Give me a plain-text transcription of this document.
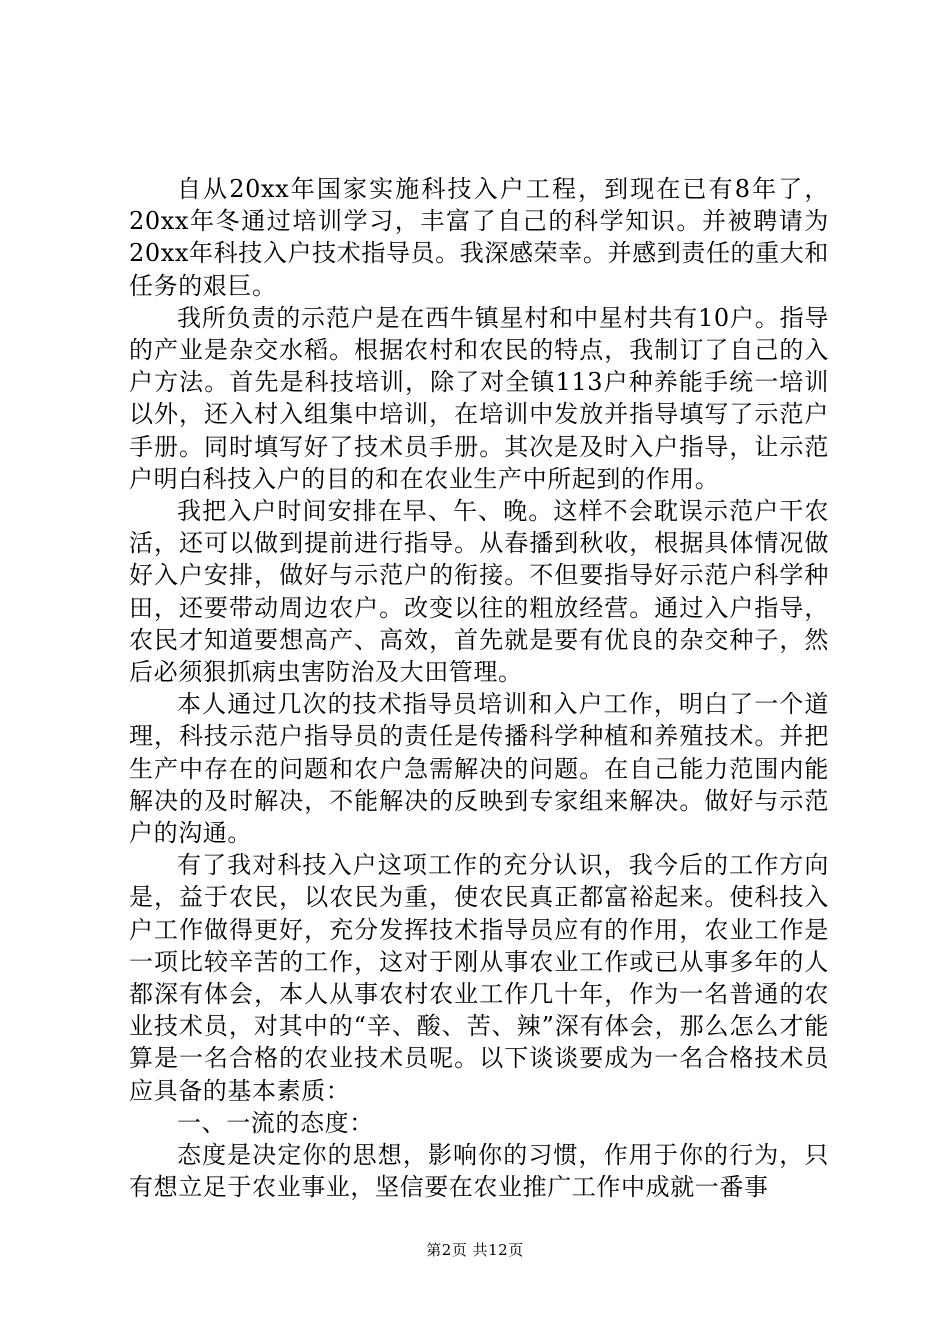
自从20xx年国家实施科技入户工程，到现在已有8年了，20xx年冬通过培训学习，丰富了自己的科学知识。并被聘请为20xx年科技入户技术指导员。我深感荣幸。并感到责任的重大和任务的艰巨。

我所负责的示范户是在西牛镇星村和中星村共有10户。指导的产业是杂交水稻。根据农村和农民的特点，我制订了自己的入户方法。首先是科技培训，除了对全镇113户种养能手统一培训以外，还入村入组集中培训，在培训中发放并指导填写了示范户手册。同时填写好了技术员手册。其次是及时入户指导，让示范户明白科技入户的目的和在农业生产中所起到的作用。

我把入户时间安排在早、午、晚。这样不会耽误示范户干农活，还可以做到提前进行指导。从春播到秋收，根据具体情况做好入户安排，做好与示范户的衔接。不但要指导好示范户科学种田，还要带动周边农户。改变以往的粗放经营。通过入户指导，农民才知道要想高产、高效，首先就是要有优良的杂交种子，然后必须狠抓病虫害防治及大田管理。

本人通过几次的技术指导员培训和入户工作，明白了一个道理，科技示范户指导员的责任是传播科学种植和养殖技术。并把生产中存在的问题和农户急需解决的问题。在自己能力范围内能解决的及时解决，不能解决的反映到专家组来解决。做好与示范户的沟通。

有了我对科技入户这项工作的充分认识，我今后的工作方向是，益于农民，以农民为重，使农民真正都富裕起来。使科技入户工作做得更好，充分发挥技术指导员应有的作用，农业工作是一项比较辛苦的工作，这对于刚从事农业工作或已从事多年的人都深有体会，本人从事农村农业工作几十年，作为一名普通的农业技术员，对其中的“辛、酸、苦、辣”深有体会，那么怎么才能算是一名合格的农业技术员呢。以下谈谈要成为一名合格技术员应具备的基本素质：

一、一流的态度：

态度是决定你的思想，影响你的习惯，作用于你的行为，只有想立足于农业事业，坚信要在农业推广工作中成就一番事

第2页 共12页
